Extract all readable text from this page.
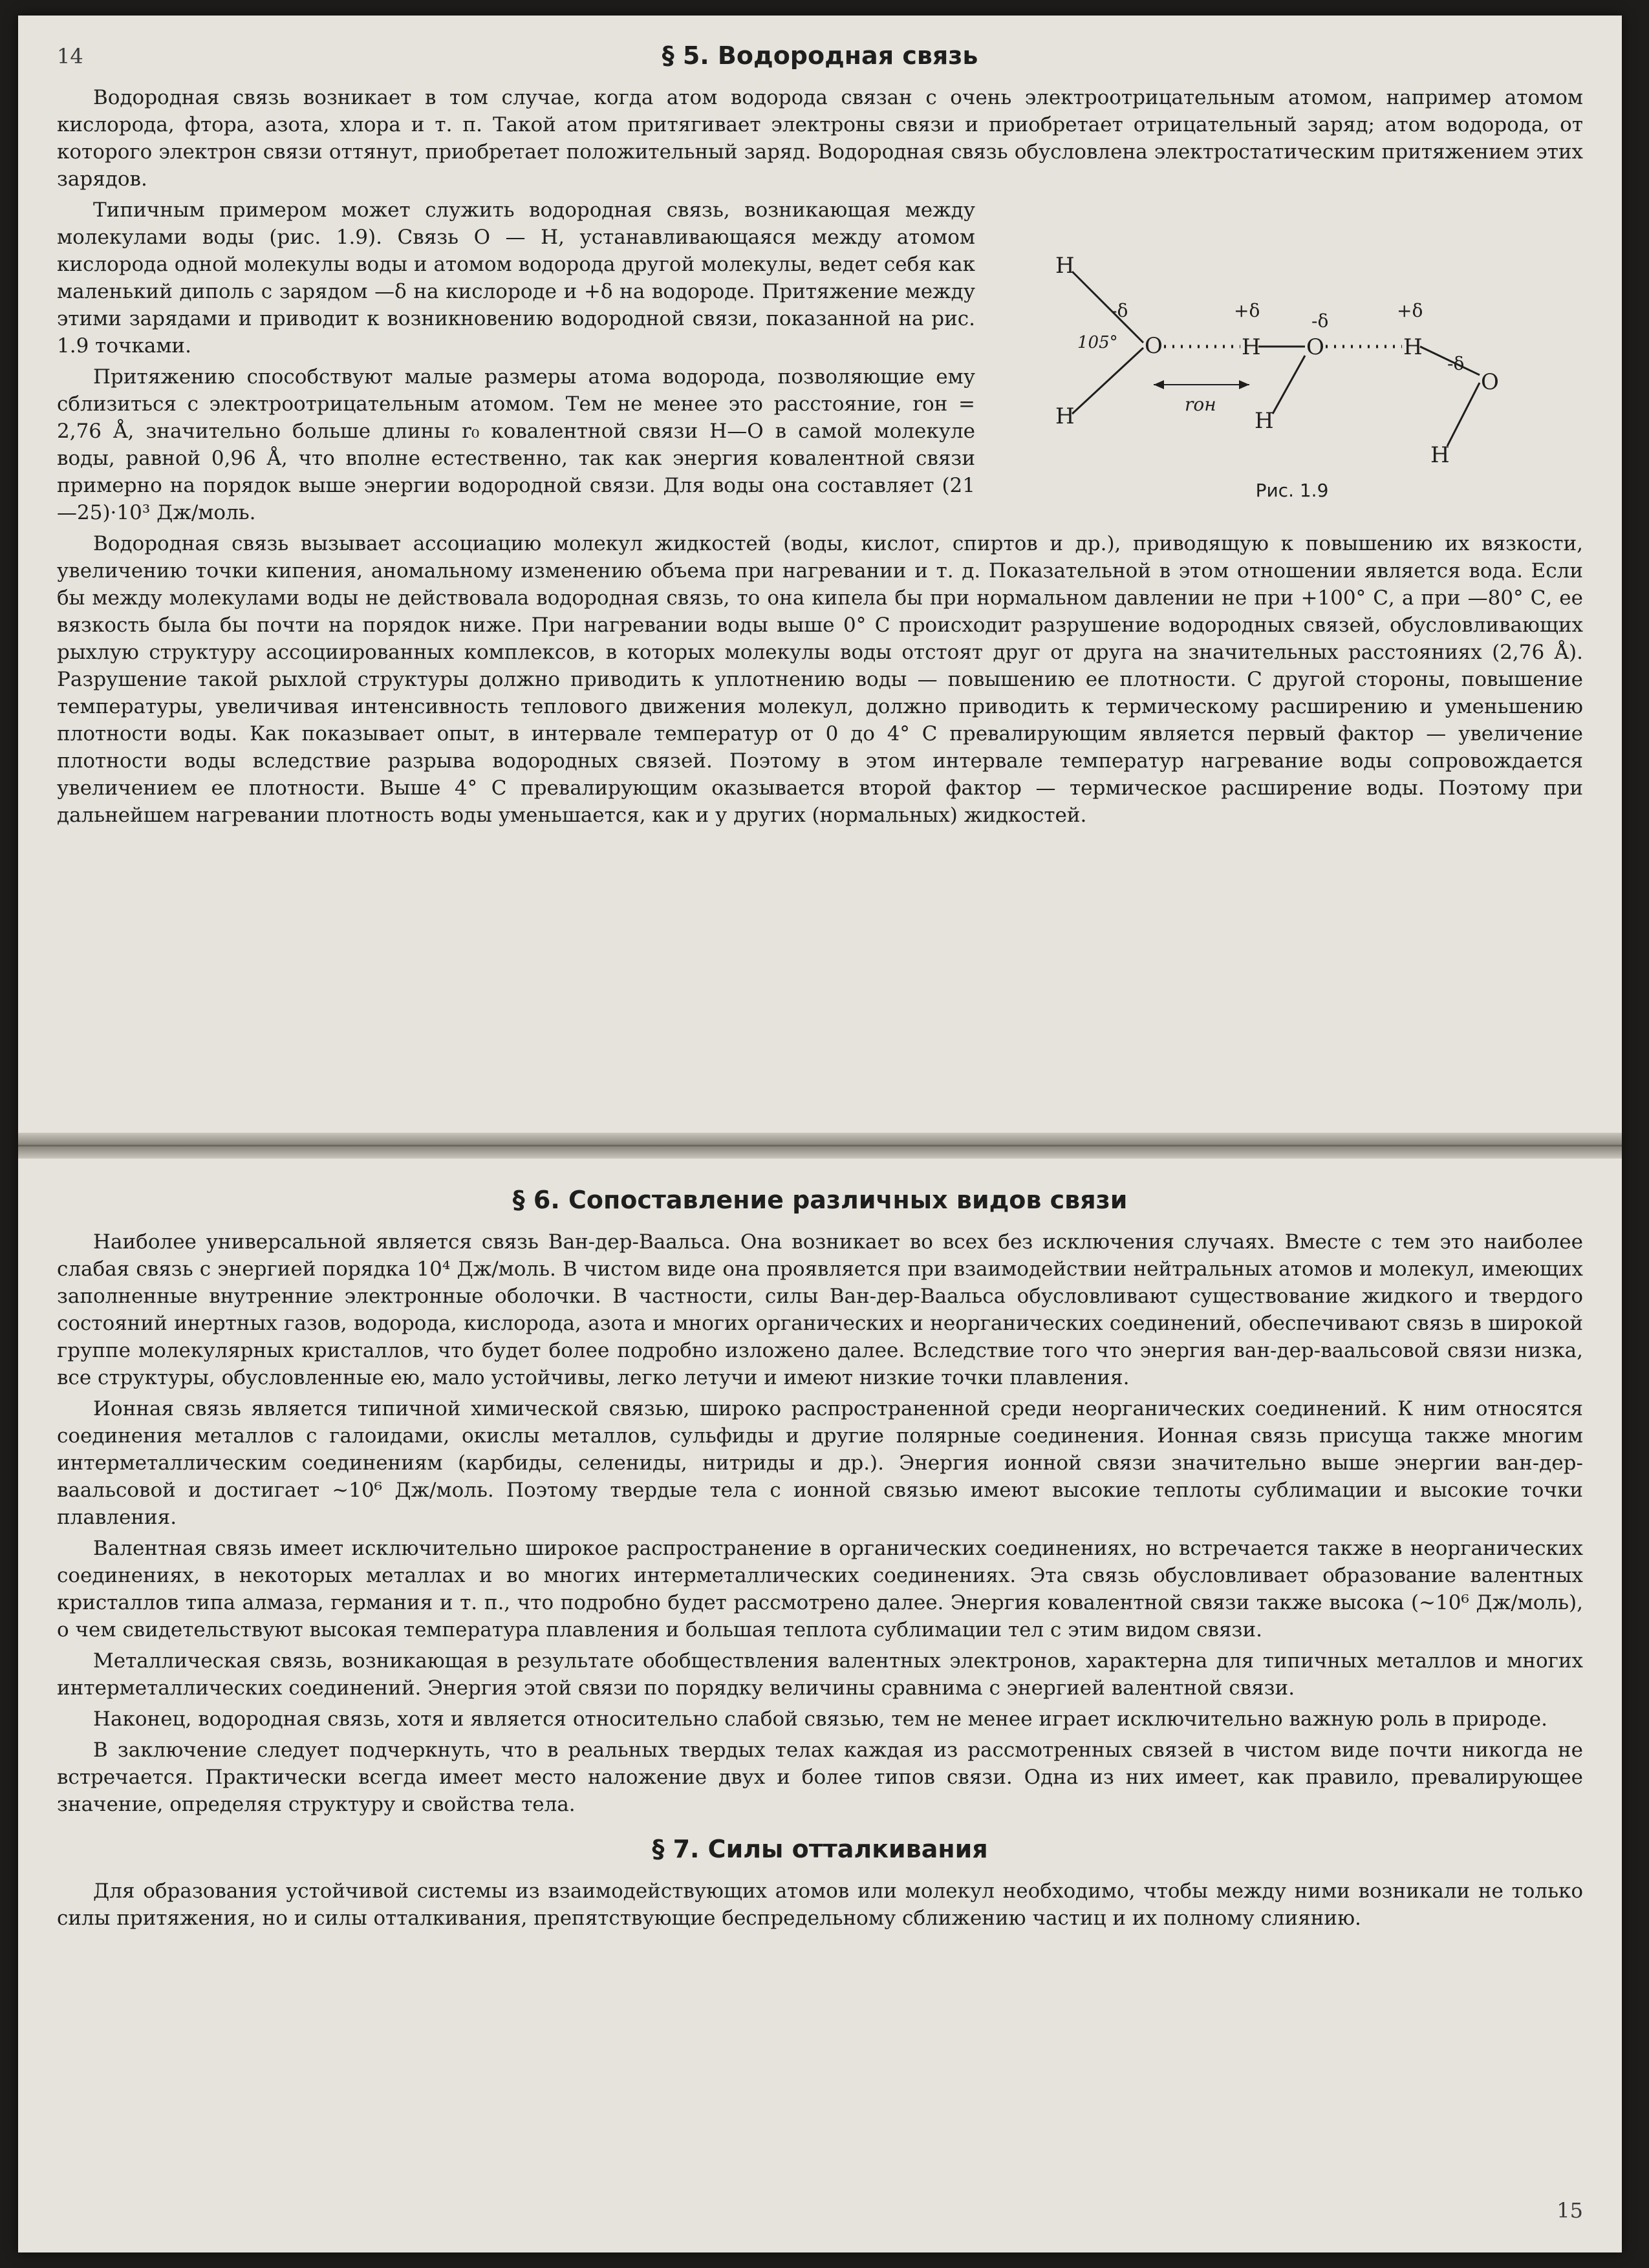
14	§ 5. Водородная связь

Водородная связь возникает в том случае, когда атом водорода связан с очень электроотрицательным атомом, например атомом кислорода, фтора, азота, хлора и т. п. Такой атом притягивает электроны связи и приобретает отрицательный заряд; атом водорода, от которого электрон связи оттянут, приобретает положительный заряд. Водородная связь обусловлена электростатическим притяжением этих зарядов.

H
H
O
-δ
105°	H
+δ
rон
O
H
-δ
H
+δ
O
H
-δ
Рис. 1.9

Типичным примером может служить водородная связь, возникающая между молекулами воды (рис. 1.9). Связь O — H, устанавливающаяся между атомом кислорода одной молекулы воды и атомом водорода другой молекулы, ведет себя как маленький диполь с зарядом —δ на кислороде и +δ на водороде. Притяжение между этими зарядами и приводит к возникновению водородной связи, показанной на рис. 1.9 точками.

Притяжению способствуют малые размеры атома водорода, позволяющие ему сблизиться с электроотрицательным атомом. Тем не менее это расстояние, rон = 2,76 Å, значительно больше длины r₀ ковалентной связи H—O в самой молекуле воды, равной 0,96 Å, что вполне естественно, так как энергия ковалентной связи примерно на порядок выше энергии водородной связи. Для воды она составляет (21—25)·10³ Дж/моль.

Водородная связь вызывает ассоциацию молекул жидкостей (воды, кислот, спиртов и др.), приводящую к повышению их вязкости, увеличению точки кипения, аномальному изменению объема при нагревании и т. д. Показательной в этом отношении является вода. Если бы между молекулами воды не действовала водородная связь, то она кипела бы при нормальном давлении не при +100° С, а при —80° С, ее вязкость была бы почти на порядок ниже. При нагревании воды выше 0° С происходит разрушение водородных связей, обусловливающих рыхлую структуру ассоциированных комплексов, в которых молекулы воды отстоят друг от друга на значительных расстояниях (2,76 Å). Разрушение такой рыхлой структуры должно приводить к уплотнению воды — повышению ее плотности. С другой стороны, повышение температуры, увеличивая интенсивность теплового движения молекул, должно приводить к термическому расширению и уменьшению плотности воды. Как показывает опыт, в интервале температур от 0 до 4° С превалирующим является первый фактор — увеличение плотности воды вследствие разрыва водородных связей. Поэтому в этом интервале температур нагревание воды сопровождается увеличением ее плотности. Выше 4° С превалирующим оказывается второй фактор — термическое расширение воды. Поэтому при дальнейшем нагревании плотность воды уменьшается, как и у других (нормальных) жидкостей.

§ 6. Сопоставление различных видов связи

Наиболее универсальной является связь Ван-дер-Ваальса. Она возникает во всех без исключения случаях. Вместе с тем это наиболее слабая связь с энергией порядка 10⁴ Дж/моль. В чистом виде она проявляется при взаимодействии нейтральных атомов и молекул, имеющих заполненные внутренние электронные оболочки. В частности, силы Ван-дер-Ваальса обусловливают существование жидкого и твердого состояний инертных газов, водорода, кислорода, азота и многих органических и неорганических соединений, обеспечивают связь в широкой группе молекулярных кристаллов, что будет более подробно изложено далее. Вследствие того что энергия ван-дер-ваальсовой связи низка, все структуры, обусловленные ею, мало устойчивы, легко летучи и имеют низкие точки плавления.

Ионная связь является типичной химической связью, широко распространенной среди неорганических соединений. К ним относятся соединения металлов с галоидами, окислы металлов, сульфиды и другие полярные соединения. Ионная связь присуща также многим интерметаллическим соединениям (карбиды, селениды, нитриды и др.). Энергия ионной связи значительно выше энергии ван-дер-ваальсовой и достигает ~10⁶ Дж/моль. Поэтому твердые тела с ионной связью имеют высокие теплоты сублимации и высокие точки плавления.

Валентная связь имеет исключительно широкое распространение в органических соединениях, но встречается также в неорганических соединениях, в некоторых металлах и во многих интерметаллических соединениях. Эта связь обусловливает образование валентных кристаллов типа алмаза, германия и т. п., что подробно будет рассмотрено далее. Энергия ковалентной связи также высока (~10⁶ Дж/моль), о чем свидетельствуют высокая температура плавления и большая теплота сублимации тел с этим видом связи.

Металлическая связь, возникающая в результате обобществления валентных электронов, характерна для типичных металлов и многих интерметаллических соединений. Энергия этой связи по порядку величины сравнима с энергией валентной связи.

Наконец, водородная связь, хотя и является относительно слабой связью, тем не менее играет исключительно важную роль в природе.

В заключение следует подчеркнуть, что в реальных твердых телах каждая из рассмотренных связей в чистом виде почти никогда не встречается. Практически всегда имеет место наложение двух и более типов связи. Одна из них имеет, как правило, превалирующее значение, определяя структуру и свойства тела.

§ 7. Силы отталкивания

Для образования устойчивой системы из взаимодействующих атомов или молекул необходимо, чтобы между ними возникали не только силы притяжения, но и силы отталкивания, препятствующие беспредельному сближению частиц и их полному слиянию.

15
